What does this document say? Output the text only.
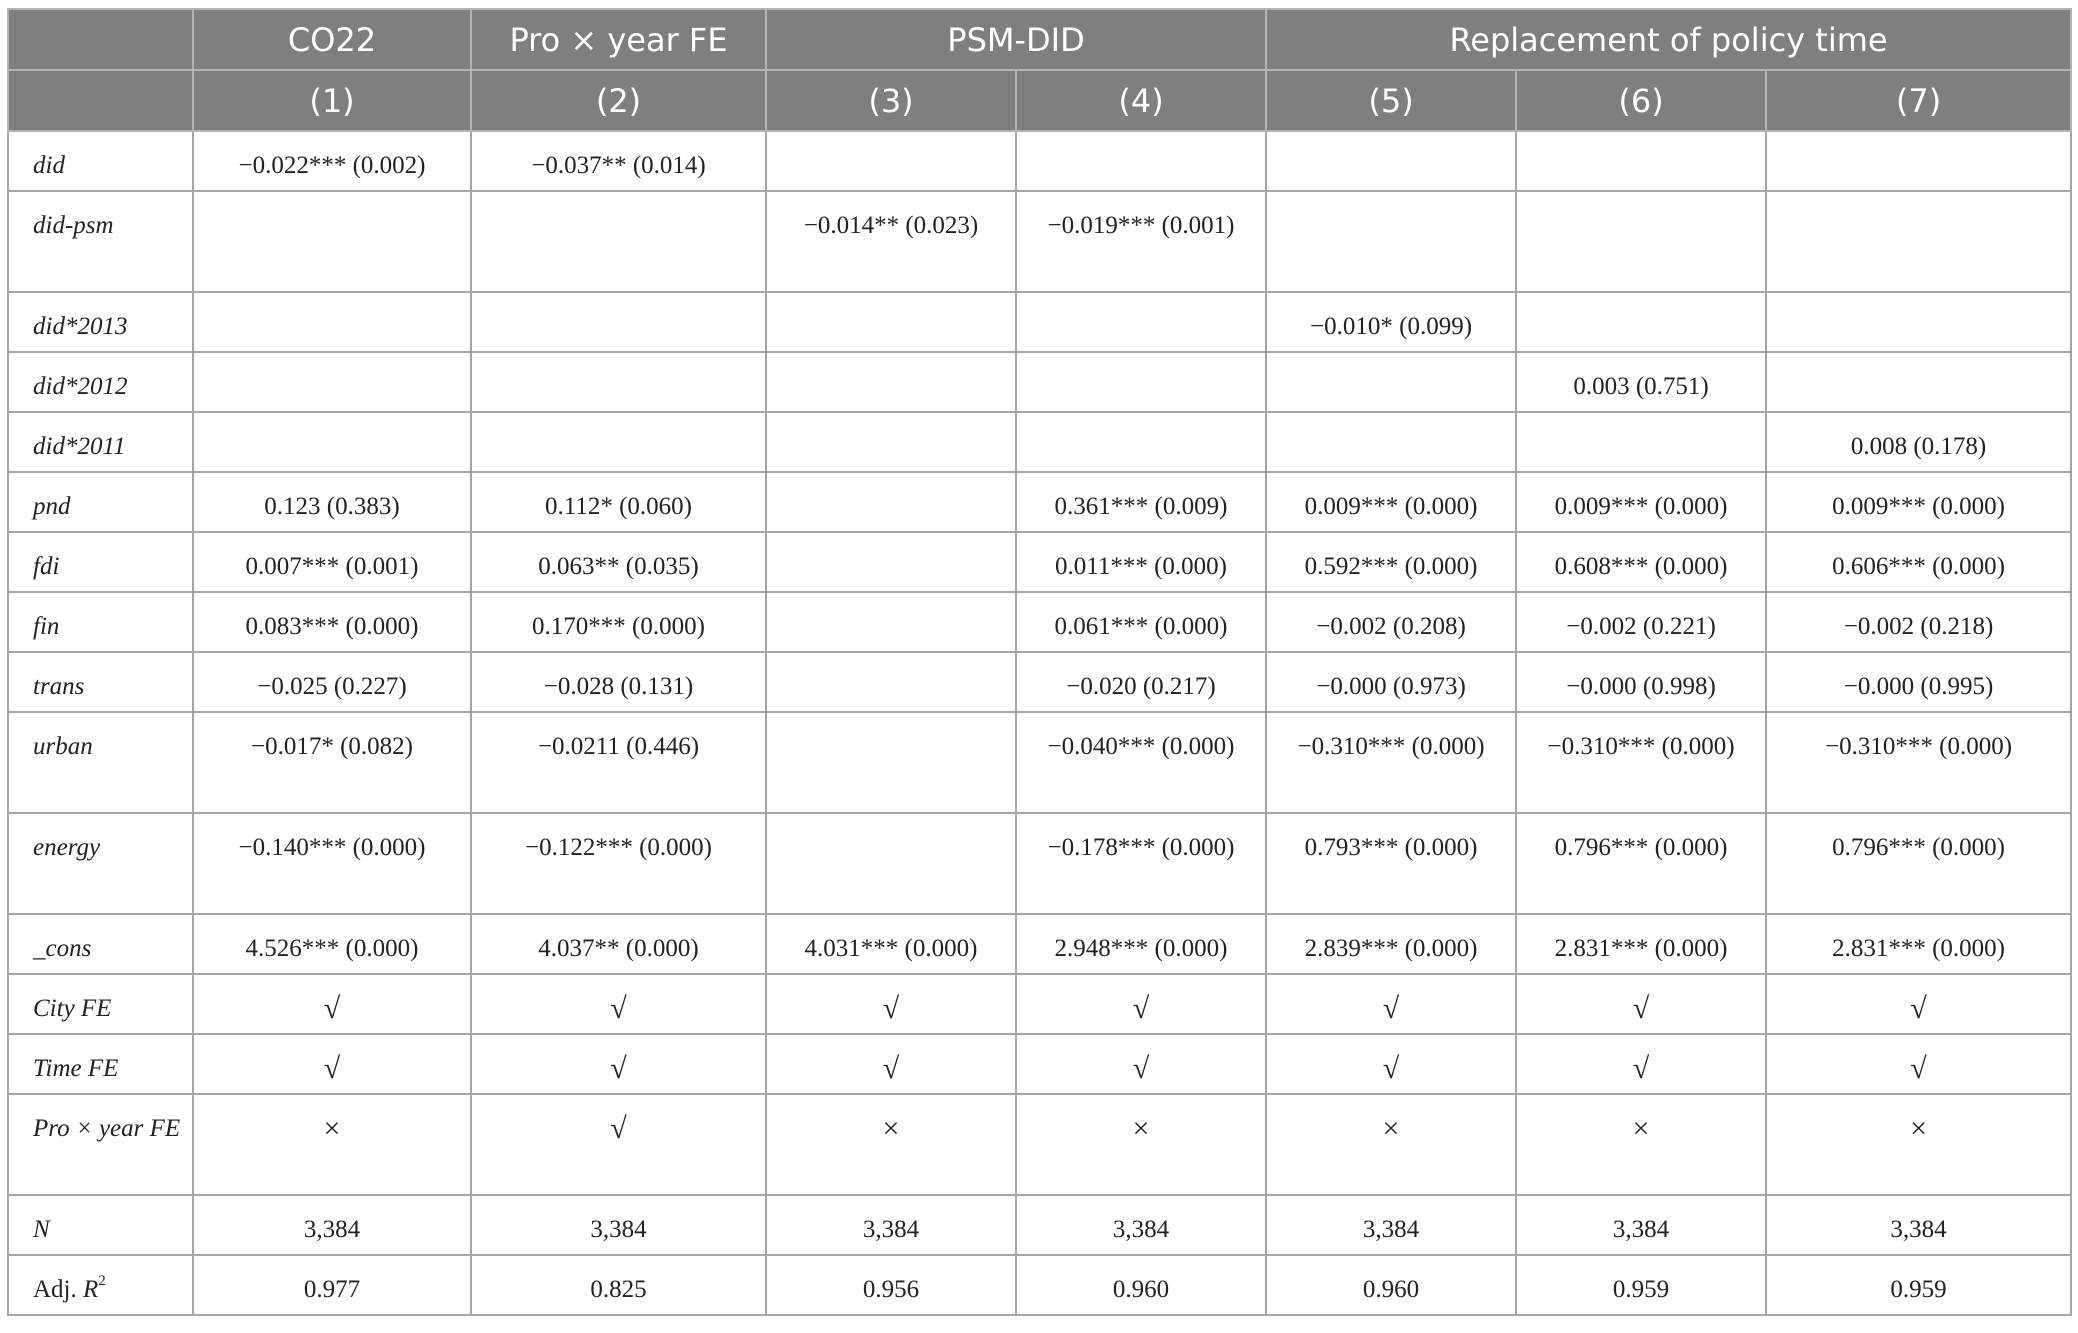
	CO22	Pro × year FE	PSM-DID		Replacement of policy time		
	(1)	(2)	(3)	(4)	(5)	(6)	(7)
did	−0.022*** (0.002)	−0.037** (0.014)					
did-psm			−0.014** (0.023)	−0.019*** (0.001)			
did*2013					−0.010* (0.099)		
did*2012						0.003 (0.751)	
did*2011							0.008 (0.178)
pnd	0.123 (0.383)	0.112* (0.060)		0.361*** (0.009)	0.009*** (0.000)	0.009*** (0.000)	0.009*** (0.000)
fdi	0.007*** (0.001)	0.063** (0.035)		0.011*** (0.000)	0.592*** (0.000)	0.608*** (0.000)	0.606*** (0.000)
fin	0.083*** (0.000)	0.170*** (0.000)		0.061*** (0.000)	−0.002 (0.208)	−0.002 (0.221)	−0.002 (0.218)
trans	−0.025 (0.227)	−0.028 (0.131)		−0.020 (0.217)	−0.000 (0.973)	−0.000 (0.998)	−0.000 (0.995)
urban	−0.017* (0.082)	−0.0211 (0.446)		−0.040*** (0.000)	−0.310*** (0.000)	−0.310*** (0.000)	−0.310*** (0.000)
energy	−0.140*** (0.000)	−0.122*** (0.000)		−0.178*** (0.000)	0.793*** (0.000)	0.796*** (0.000)	0.796*** (0.000)
_cons	4.526*** (0.000)	4.037** (0.000)	4.031*** (0.000)	2.948*** (0.000)	2.839*** (0.000)	2.831*** (0.000)	2.831*** (0.000)
City FE	√	√	√	√	√	√	√
Time FE	√	√	√	√	√	√	√
Pro × year FE	×	√	×	×	×	×	×
N	3,384	3,384	3,384	3,384	3,384	3,384	3,384
Adj. $R^2$	0.977	0.825	0.956	0.960	0.960	0.959	0.959
